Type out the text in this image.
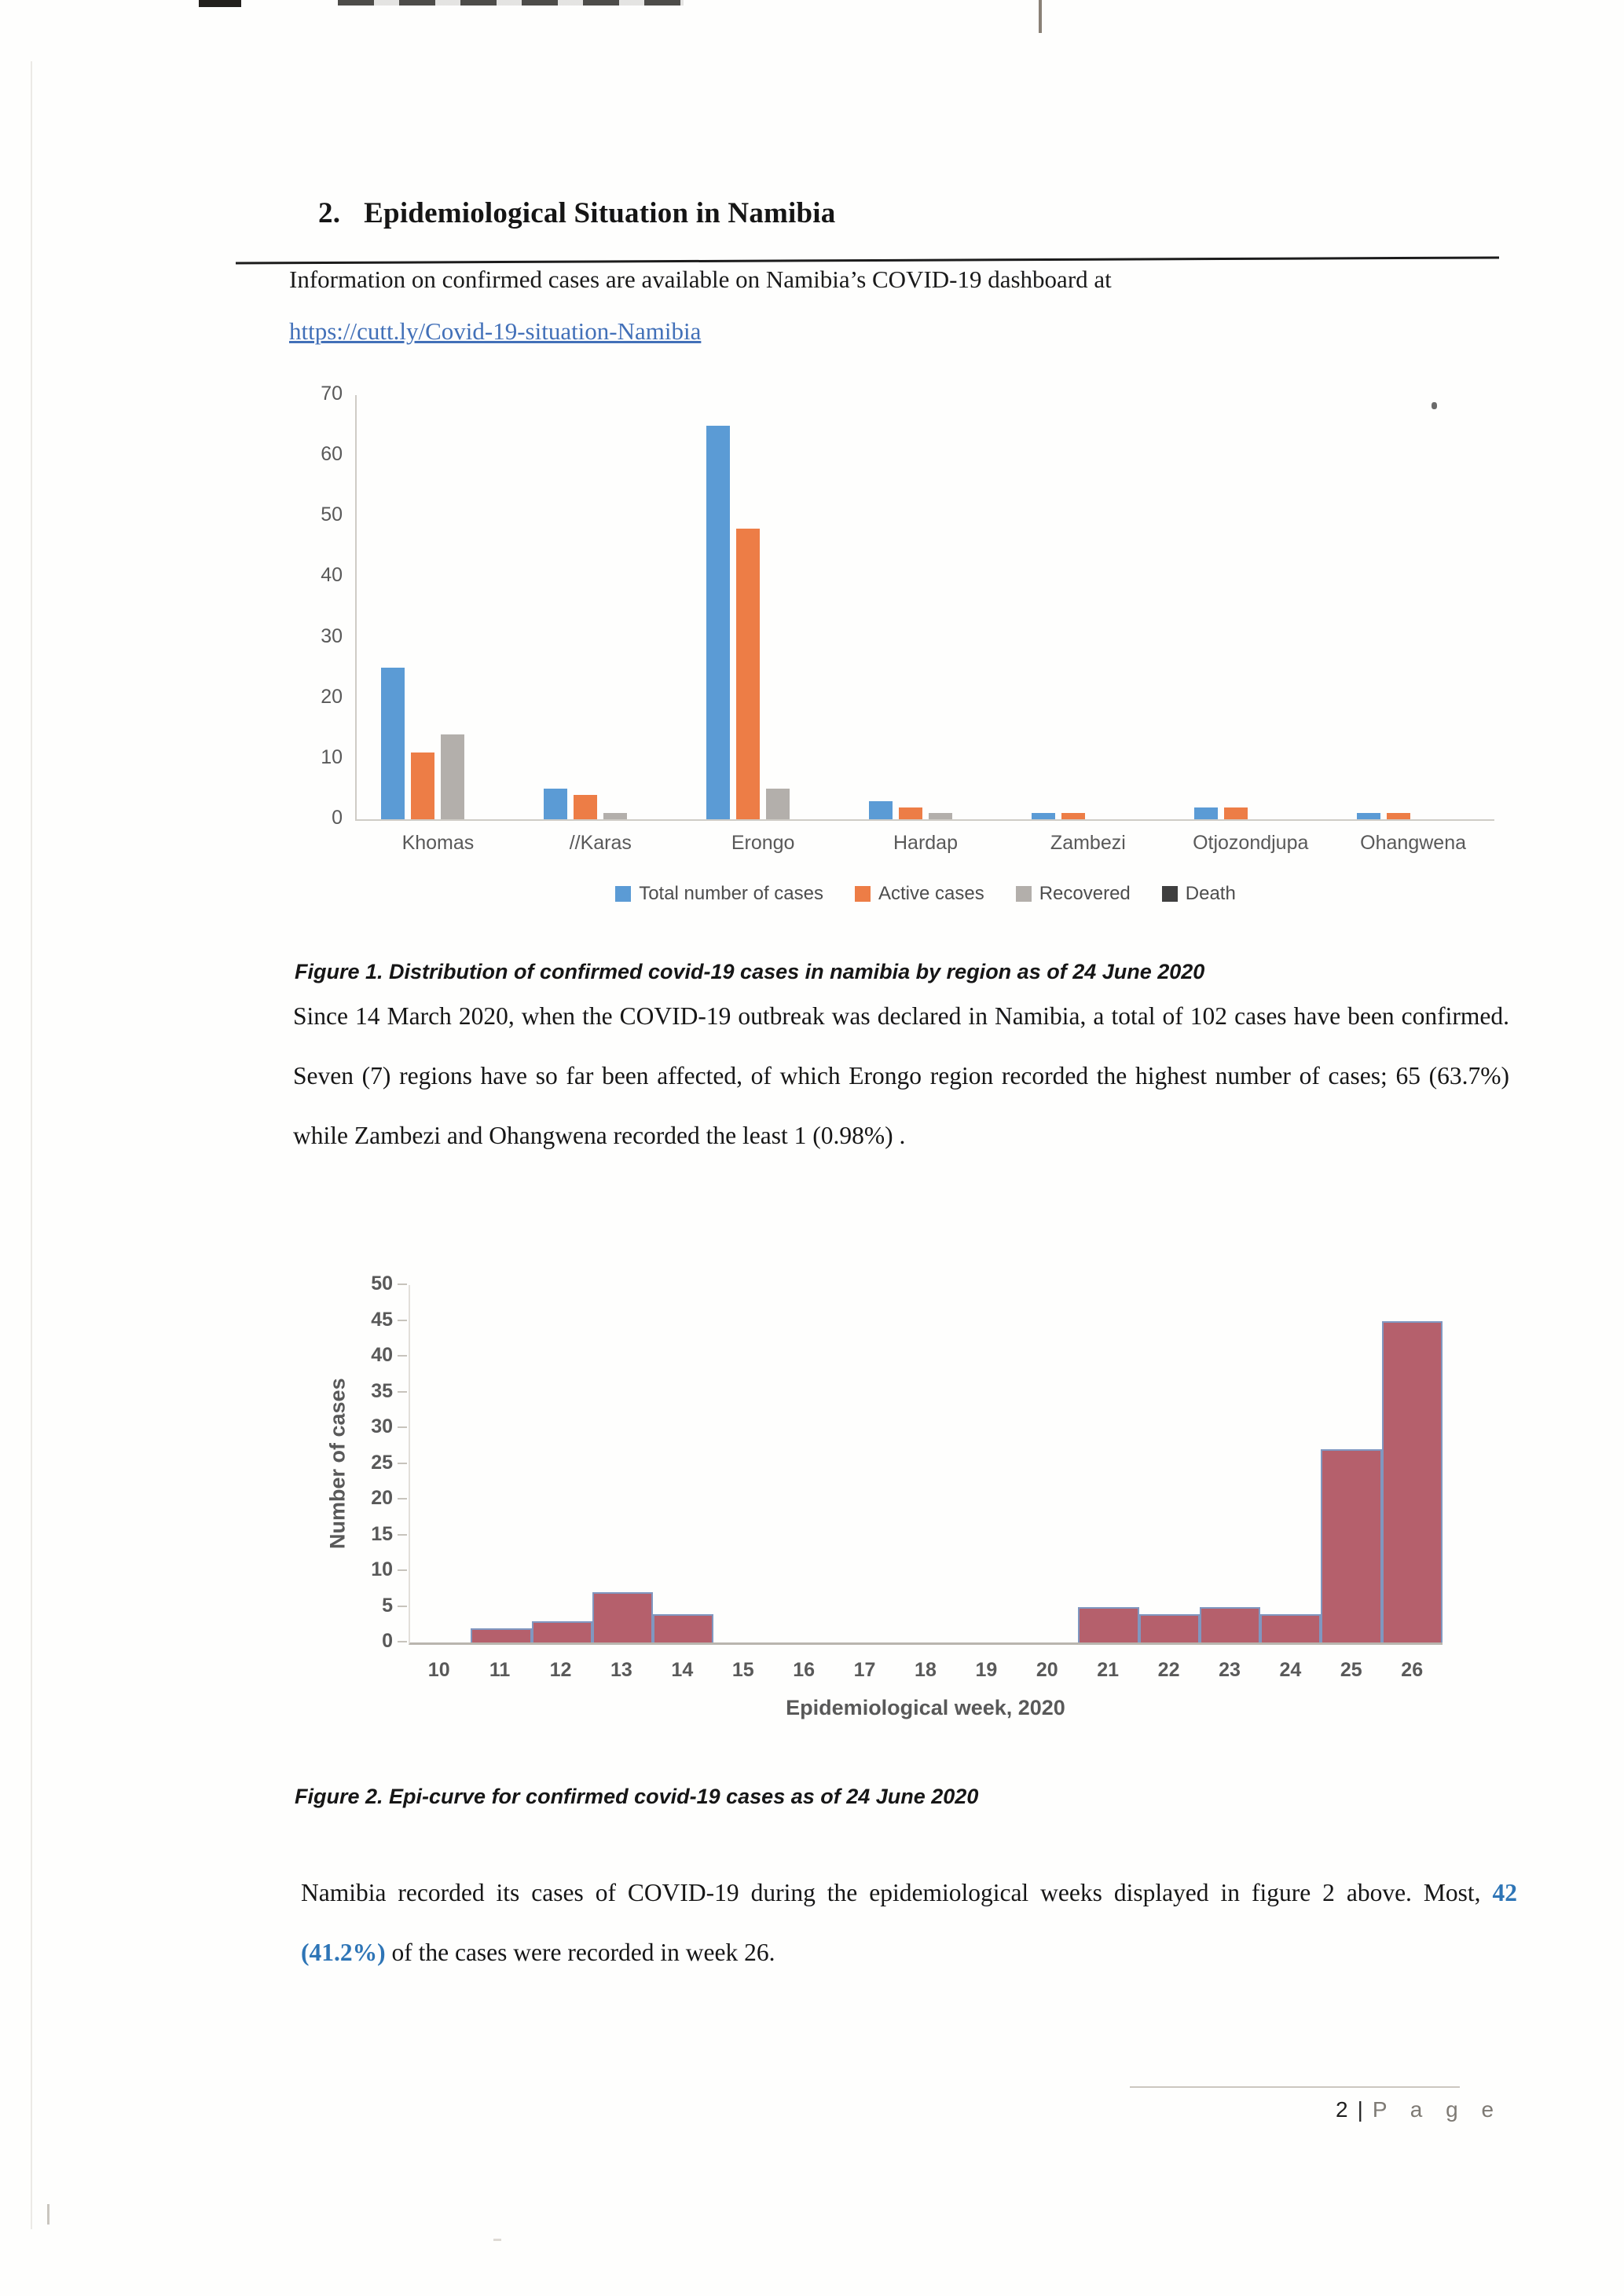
2. Epidemiological Situation in Namibia
Information on confirmed cases are available on Namibia’s COVID-19 dashboard at
https://cutt.ly/Covid-19-situation-Namibia
0
10
20
30
40
50
60
70
Khomas	//Karas	Erongo	Hardap	Zambezi	Otjozondjupa	Ohangwena
Total number of cases	Active cases	Recovered	Death
Figure 1. Distribution of confirmed covid-19 cases in namibia by region as of 24 June 2020
Since 14 March 2020, when the COVID-19 outbreak was declared in Namibia, a total of 102 cases have been confirmed. Seven (7) regions have so far been affected, of which Erongo region recorded the highest number of cases; 65 (63.7%) while Zambezi and Ohangwena recorded the least 1 (0.98%) .
Number of cases
0
5
10
15
20
25
30
35
40
45
50
10	11	12	13	14	15	16	17	18	19	20	21	22	23	24	25	26
Epidemiological week, 2020
Figure 2. Epi-curve for confirmed covid-19 cases as of 24 June 2020
Namibia recorded its cases of COVID-19 during the epidemiological weeks displayed in figure 2 above. Most, 42 (41.2%) of the cases were recorded in week 26.
2 | P a g e
